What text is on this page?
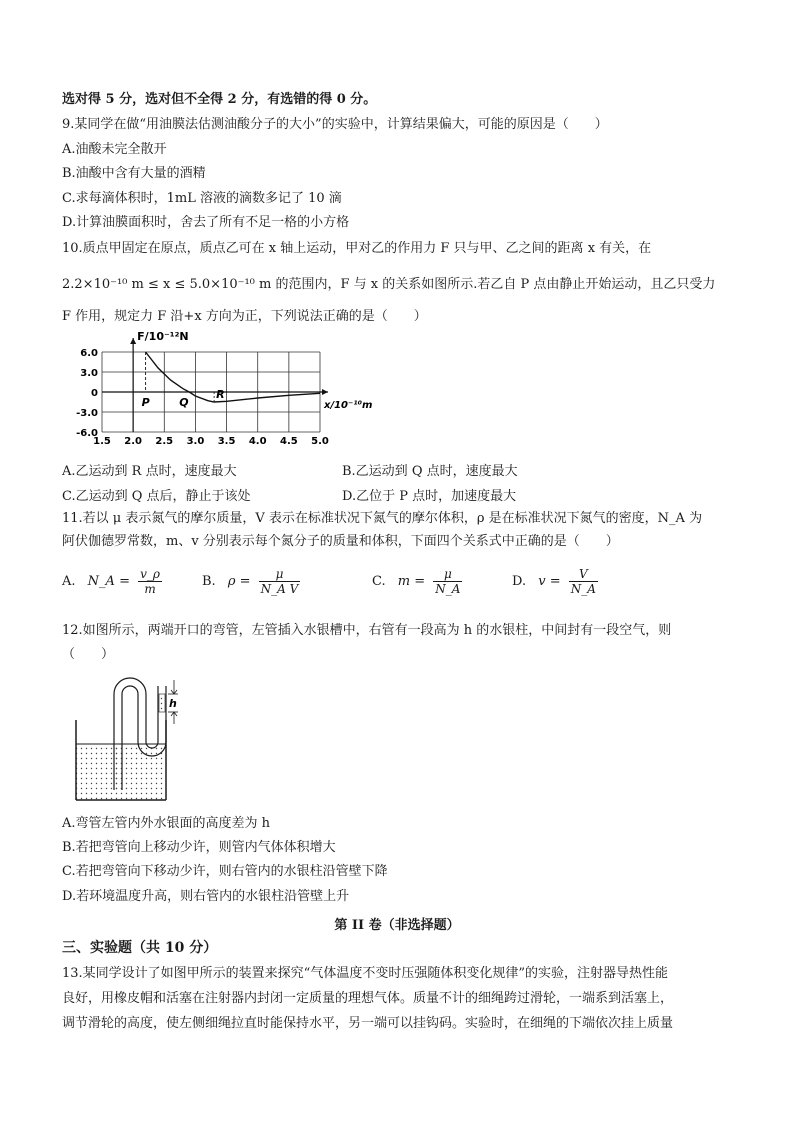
选对得 5 分，选对但不全得 2 分，有选错的得 0 分。
9.某同学在做“用油膜法估测油酸分子的大小”的实验中，计算结果偏大，可能的原因是（　　）
A.油酸未完全散开
B.油酸中含有大量的酒精
C.求每滴体积时，1mL 溶液的滴数多记了 10 滴
D.计算油膜面积时，舍去了所有不足一格的小方格
10.质点甲固定在原点，质点乙可在 x 轴上运动，甲对乙的作用力 F 只与甲、乙之间的距离 x 有关，在
2.2×10⁻¹⁰ m ≤ x ≤ 5.0×10⁻¹⁰ m 的范围内，F 与 x 的关系如图所示.若乙自 P 点由静止开始运动，且乙只受力
F 作用，规定力 F 沿+x 方向为正，下列说法正确的是（　　）
1.5 2.0 2.5 3.0 3.5 4.0 4.5 5.0
6.0
3.0
0
-3.0
-6.0
P	Q
R
F/10⁻¹²N
x/10⁻¹⁰m
A.乙运动到 R 点时，速度最大	B.乙运动到 Q 点时，速度最大
C.乙运动到 Q 点后，静止于该处	D.乙位于 P 点时，加速度最大
11.若以 μ 表示氮气的摩尔质量，V 表示在标准状况下氮气的摩尔体积，ρ 是在标准状况下氮气的密度，N_A 为
阿伏伽德罗常数，m、v 分别表示每个氮分子的质量和体积，下面四个关系式中正确的是（　　）
A. N_A = $\frac{v\_\rho}{m}$	B. $\rho = \frac{\mu}{\text{N\_A V}}$	C. $m = \frac{\mu}{N\_A}$	D. $v = \frac{V}{N\_A}$
12.如图所示，两端开口的弯管，左管插入水银槽中，右管有一段高为 h 的水银柱，中间封有一段空气，则
（　　）
h
A.弯管左管内外水银面的高度差为 h
B.若把弯管向上移动少许，则管内气体体积增大
C.若把弯管向下移动少许，则右管内的水银柱沿管壁下降
D.若环境温度升高，则右管内的水银柱沿管壁上升
第 II 卷（非选择题）
三、实验题（共 10 分）
13.某同学设计了如图甲所示的装置来探究“气体温度不变时压强随体积变化规律”的实验，注射器导热性能
良好，用橡皮帽和活塞在注射器内封闭一定质量的理想气体。质量不计的细绳跨过滑轮，一端系到活塞上，
调节滑轮的高度，使左侧细绳拉直时能保持水平，另一端可以挂钩码。实验时，在细绳的下端依次挂上质量
